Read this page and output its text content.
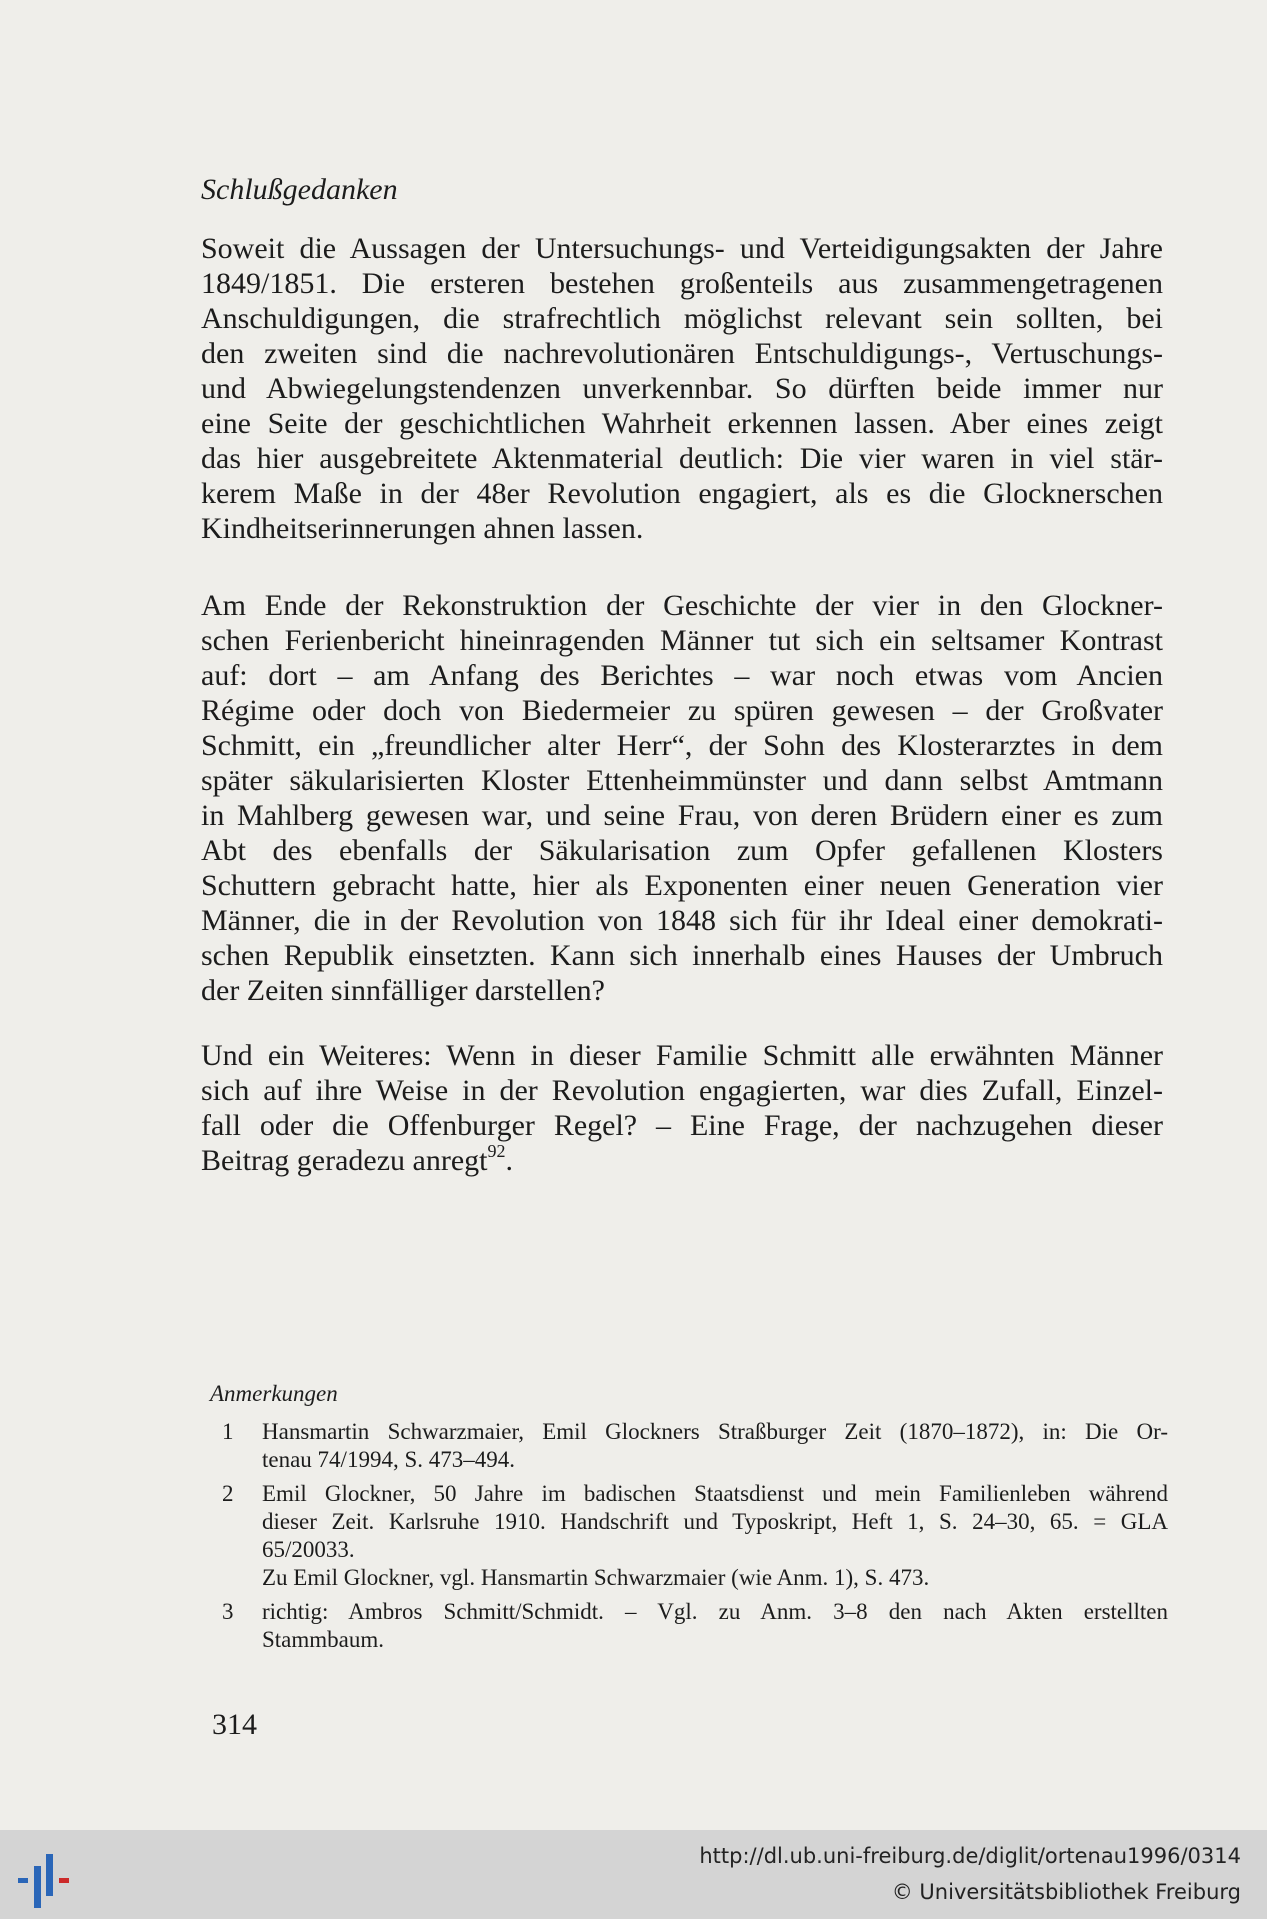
Schlußgedanken
Soweit die Aussagen der Untersuchungs- und Verteidigungsakten der Jahre
1849/1851. Die ersteren bestehen großenteils aus zusammengetragenen
Anschuldigungen, die strafrechtlich möglichst relevant sein sollten, bei
den zweiten sind die nachrevolutionären Entschuldigungs-, Vertuschungs-
und Abwiegelungstendenzen unverkennbar. So dürften beide immer nur
eine Seite der geschichtlichen Wahrheit erkennen lassen. Aber eines zeigt
das hier ausgebreitete Aktenmaterial deutlich: Die vier waren in viel stär-
kerem Maße in der 48er Revolution engagiert, als es die Glocknerschen
Kindheitserinnerungen ahnen lassen.
Am Ende der Rekonstruktion der Geschichte der vier in den Glockner-
schen Ferienbericht hineinragenden Männer tut sich ein seltsamer Kontrast
auf: dort – am Anfang des Berichtes – war noch etwas vom Ancien
Régime oder doch von Biedermeier zu spüren gewesen – der Großvater
Schmitt, ein „freundlicher alter Herr“, der Sohn des Klosterarztes in dem
später säkularisierten Kloster Ettenheimmünster und dann selbst Amtmann
in Mahlberg gewesen war, und seine Frau, von deren Brüdern einer es zum
Abt des ebenfalls der Säkularisation zum Opfer gefallenen Klosters
Schuttern gebracht hatte, hier als Exponenten einer neuen Generation vier
Männer, die in der Revolution von 1848 sich für ihr Ideal einer demokrati-
schen Republik einsetzten. Kann sich innerhalb eines Hauses der Umbruch
der Zeiten sinnfälliger darstellen?
Und ein Weiteres: Wenn in dieser Familie Schmitt alle erwähnten Männer
sich auf ihre Weise in der Revolution engagierten, war dies Zufall, Einzel-
fall oder die Offenburger Regel? – Eine Frage, der nachzugehen dieser
Beitrag geradezu anregt$^{92}$.
Anmerkungen
1	Hansmartin Schwarzmaier, Emil Glockners Straßburger Zeit (1870–1872), in: Die Or-
tenau 74/1994, S. 473–494.
2	Emil Glockner, 50 Jahre im badischen Staatsdienst und mein Familienleben während
dieser Zeit. Karlsruhe 1910. Handschrift und Typoskript, Heft 1, S. 24–30, 65. = GLA
65/20033.
Zu Emil Glockner, vgl. Hansmartin Schwarzmaier (wie Anm. 1), S. 473.
3	richtig: Ambros Schmitt/Schmidt. – Vgl. zu Anm. 3–8 den nach Akten erstellten
Stammbaum.
314
http://dl.ub.uni-freiburg.de/diglit/ortenau1996/0314
© Universitätsbibliothek Freiburg
